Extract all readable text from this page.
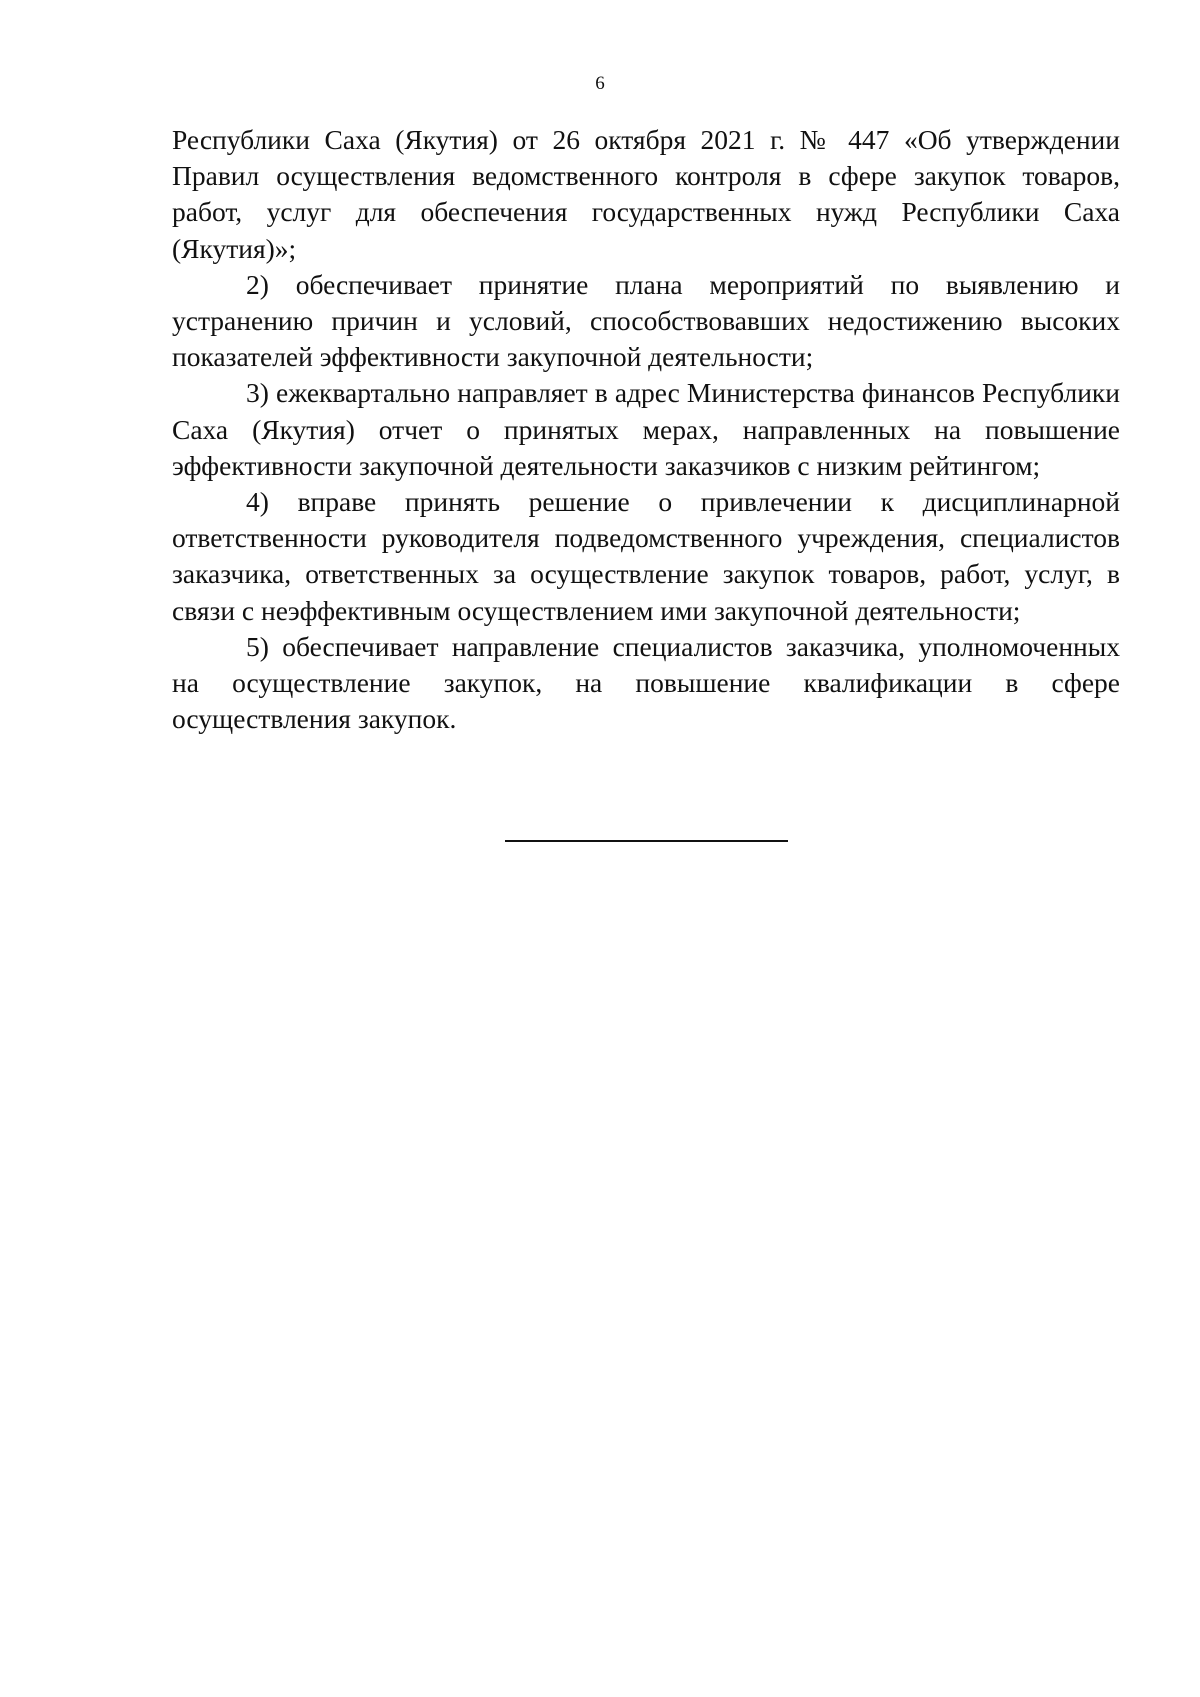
6

Республики Саха (Якутия) от 26 октября 2021 г. № 447 «Об утверждении Правил осуществления ведомственного контроля в сфере закупок товаров, работ, услуг для обеспечения государственных нужд Республики Саха (Якутия)»;

2) обеспечивает принятие плана мероприятий по выявлению и устранению причин и условий, способствовавших недостижению высоких показателей эффективности закупочной деятельности;

3) ежеквартально направляет в адрес Министерства финансов Республики Саха (Якутия) отчет о принятых мерах, направленных на повышение эффективности закупочной деятельности заказчиков с низким рейтингом;

4) вправе принять решение о привлечении к дисциплинарной ответственности руководителя подведомственного учреждения, специалистов заказчика, ответственных за осуществление закупок товаров, работ, услуг, в связи с неэффективным осуществлением ими закупочной деятельности;

5) обеспечивает направление специалистов заказчика, уполномоченных на осуществление закупок, на повышение квалификации в сфере осуществления закупок.
